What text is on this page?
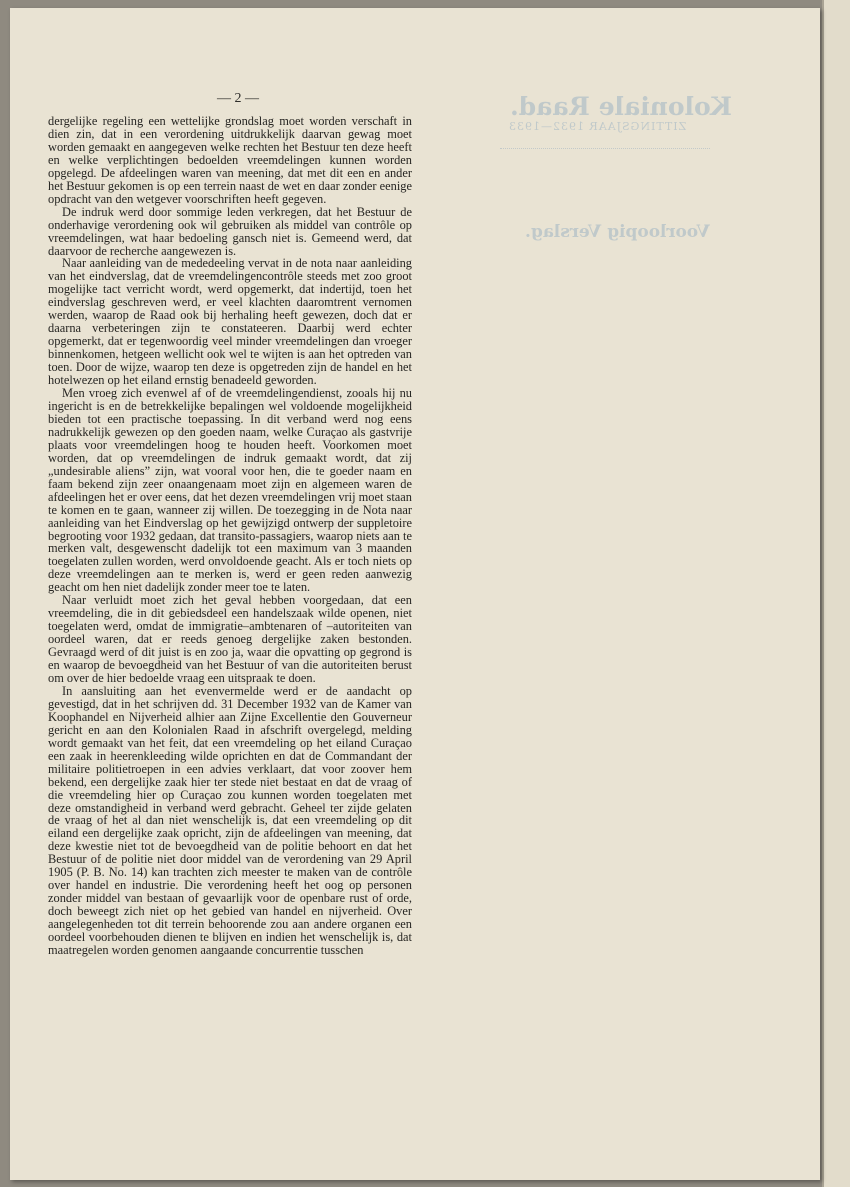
Koloniale Raad.
ZITTINGSJAAR 1932—1933
Voorloopig Verslag.
— 2 —

dergelijke regeling een wettelijke grondslag moet worden verschaft in dien zin, dat in een verordening uitdrukkelijk daarvan gewag moet worden gemaakt en aangegeven welke rechten het Bestuur ten deze heeft en welke verplichtingen bedoelden vreemdelingen kunnen worden opgelegd. De afdeelingen waren van meening, dat met dit een en ander het Bestuur gekomen is op een terrein naast de wet en daar zonder eenige opdracht van den wetgever voorschriften heeft gegeven.

De indruk werd door sommige leden verkregen, dat het Bestuur de onderhavige verordening ook wil gebruiken als middel van contrôle op vreemdelingen, wat haar bedoeling gansch niet is. Gemeend werd, dat daarvoor de recherche aangewezen is.

Naar aanleiding van de mededeeling vervat in de nota naar aanleiding van het eindverslag, dat de vreemdelingencontrôle steeds met zoo groot mogelijke tact verricht wordt, werd opgemerkt, dat indertijd, toen het eindverslag geschreven werd, er veel klachten daaromtrent vernomen werden, waarop de Raad ook bij herhaling heeft gewezen, doch dat er daarna verbeteringen zijn te constateeren. Daarbij werd echter opgemerkt, dat er tegenwoordig veel minder vreemdelingen dan vroeger binnenkomen, hetgeen wellicht ook wel te wijten is aan het optreden van toen. Door de wijze, waarop ten deze is opgetreden zijn de handel en het hotelwezen op het eiland ernstig benadeeld geworden.

Men vroeg zich evenwel af of de vreemdelingendienst, zooals hij nu ingericht is en de betrekkelijke bepalingen wel voldoende mogelijkheid bieden tot een practische toepassing. In dit verband werd nog eens nadrukkelijk gewezen op den goeden naam, welke Curaçao als gastvrije plaats voor vreemdelingen hoog te houden heeft. Voorkomen moet worden, dat op vreemdelingen de indruk gemaakt wordt, dat zij „undesirable aliens” zijn, wat vooral voor hen, die te goeder naam en faam bekend zijn zeer onaangenaam moet zijn en algemeen waren de afdeelingen het er over eens, dat het dezen vreemdelingen vrij moet staan te komen en te gaan, wanneer zij willen. De toezegging in de Nota naar aanleiding van het Eindverslag op het gewijzigd ontwerp der suppletoire begrooting voor 1932 gedaan, dat transito-passagiers, waarop niets aan te merken valt, desgewenscht dadelijk tot een maximum van 3 maanden toegelaten zullen worden, werd onvoldoende geacht. Als er toch niets op deze vreemdelingen aan te merken is, werd er geen reden aanwezig geacht om hen niet dadelijk zonder meer toe te laten.

Naar verluidt moet zich het geval hebben voorgedaan, dat een vreemdeling, die in dit gebiedsdeel een handelszaak wilde openen, niet toegelaten werd, omdat de immigratie–ambtenaren of –autoriteiten van oordeel waren, dat er reeds genoeg dergelijke zaken bestonden. Gevraagd werd of dit juist is en zoo ja, waar die opvatting op gegrond is en waarop de bevoegdheid van het Bestuur of van die autoriteiten berust om over de hier bedoelde vraag een uitspraak te doen.

In aansluiting aan het evenvermelde werd er de aandacht op gevestigd, dat in het schrijven dd. 31 December 1932 van de Kamer van Koophandel en Nijverheid alhier aan Zijne Excellentie den Gouverneur gericht en aan den Kolonialen Raad in afschrift overgelegd, melding wordt gemaakt van het feit, dat een vreemdeling op het eiland Curaçao een zaak in heerenkleeding wilde oprichten en dat de Commandant der militaire politietroepen in een advies verklaart, dat voor zoover hem bekend, een dergelijke zaak hier ter stede niet bestaat en dat de vraag of die vreemdeling hier op Curaçao zou kunnen worden toegelaten met deze omstandigheid in verband werd gebracht. Geheel ter zijde gelaten de vraag of het al dan niet wenschelijk is, dat een vreemdeling op dit eiland een dergelijke zaak opricht, zijn de afdeelingen van meening, dat deze kwestie niet tot de bevoegdheid van de politie behoort en dat het Bestuur of de politie niet door middel van de verordening van 29 April 1905 (P. B. No. 14) kan trachten zich meester te maken van de contrôle over handel en industrie. Die verordening heeft het oog op personen zonder middel van bestaan of gevaarlijk voor de openbare rust of orde, doch beweegt zich niet op het gebied van handel en nijverheid. Over aangelegenheden tot dit terrein behoorende zou aan andere organen een oordeel voorbehouden dienen te blijven en indien het wenschelijk is, dat maatregelen worden genomen aangaande concurrentie tusschen
